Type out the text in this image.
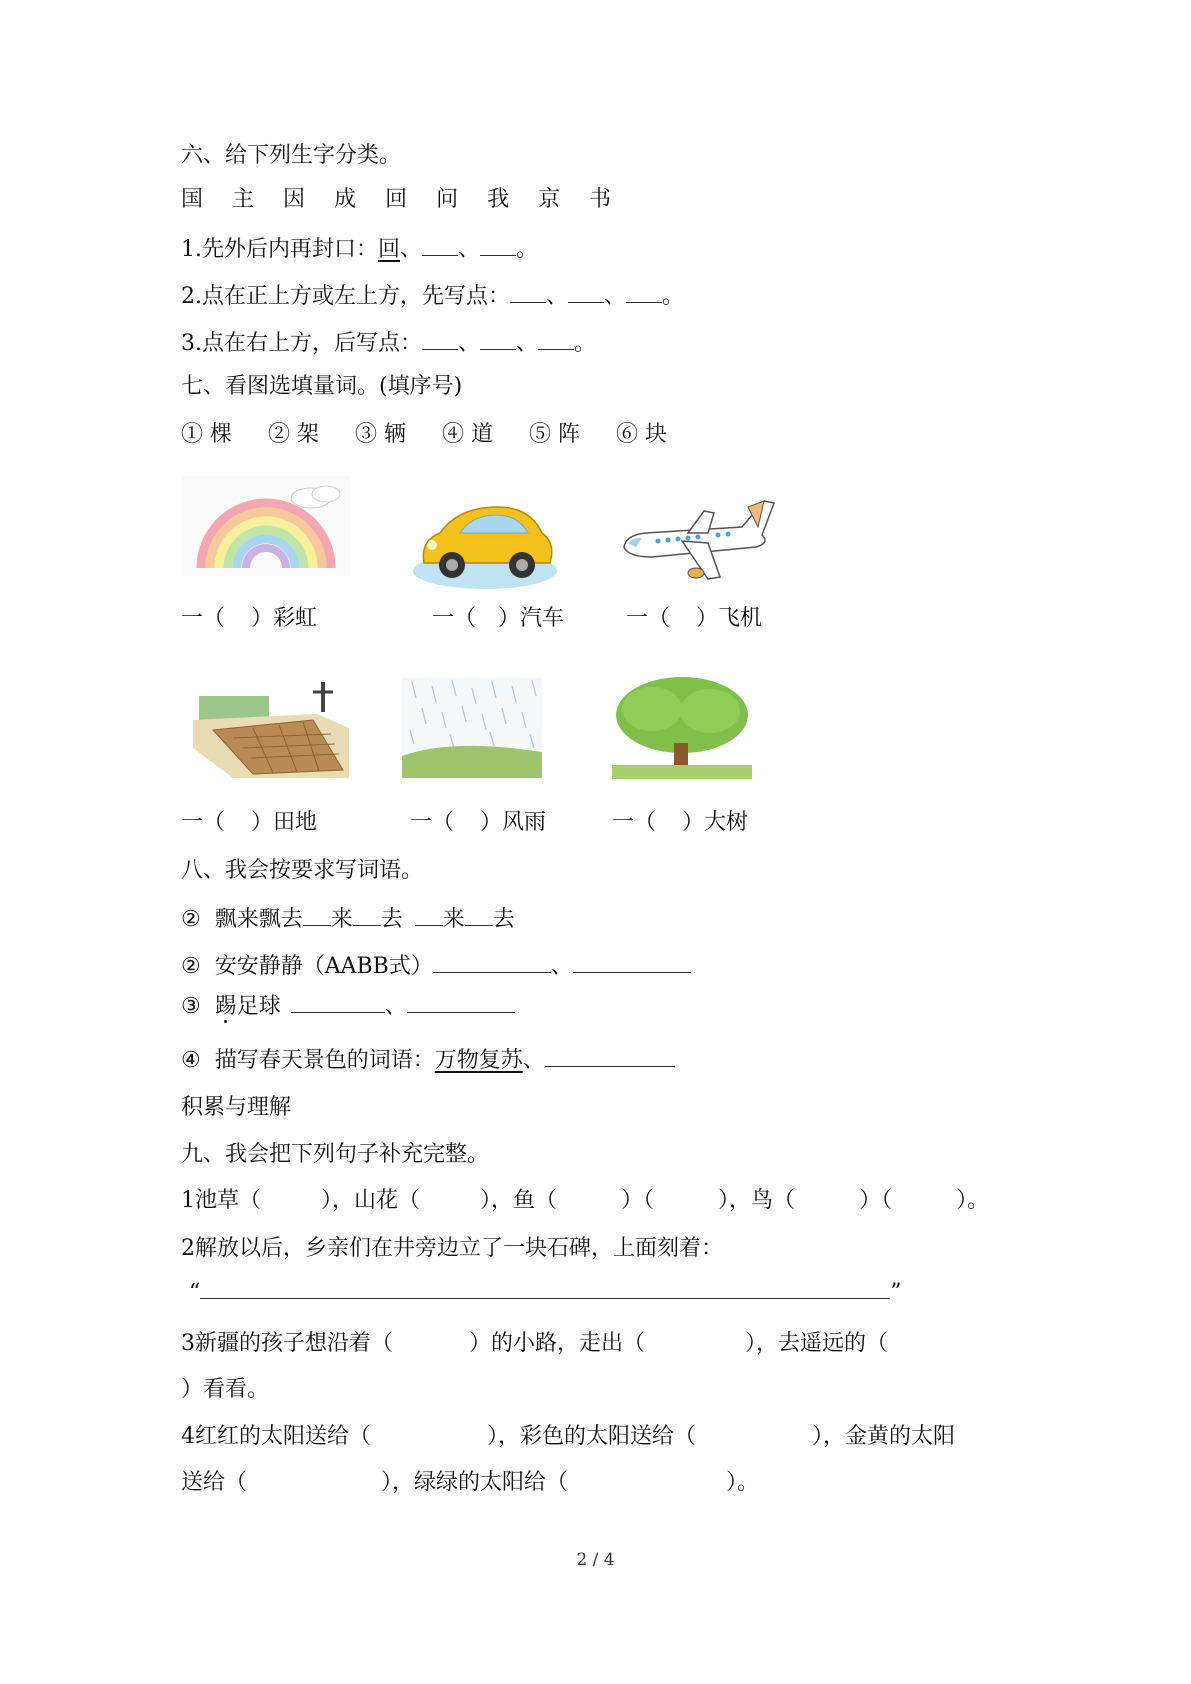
六、给下列生字分类。
国 主 因 成 回 问 我 京 书
1.先外后内再封口：回、 、 。
2.点在正上方或左上方，先写点： 、 、 。
3.点在右上方，后写点： 、 、 。
七、看图选填量词。(填序号)
① 棵 ② 架 ③ 辆 ④ 道 ⑤ 阵 ⑥ 块
一（ ）彩虹	一（ ）汽车	一（ ）飞机
一（ ）田地	一（ ）风雨	一（ ）大树
八、我会按要求写词语。
② 飘来飘去 来 去 来 去
② 安安静静（AABB式）	、
③ 踢足球	、
④ 描写春天景色的词语：万物复苏、
积累与理解
九、我会把下列句子补充完整。
1池草（	），山花（	），鱼（	）（	），鸟（	）（	）。
2解放以后，乡亲们在井旁边立了一块石碑，上面刻着：
“	”
3新疆的孩子想沿着（	）的小路，走出（	），去遥远的（
）看看。
4红红的太阳送给（	），彩色的太阳送给（	），金黄的太阳
送给（	），绿绿的太阳给（	）。
2 / 4
